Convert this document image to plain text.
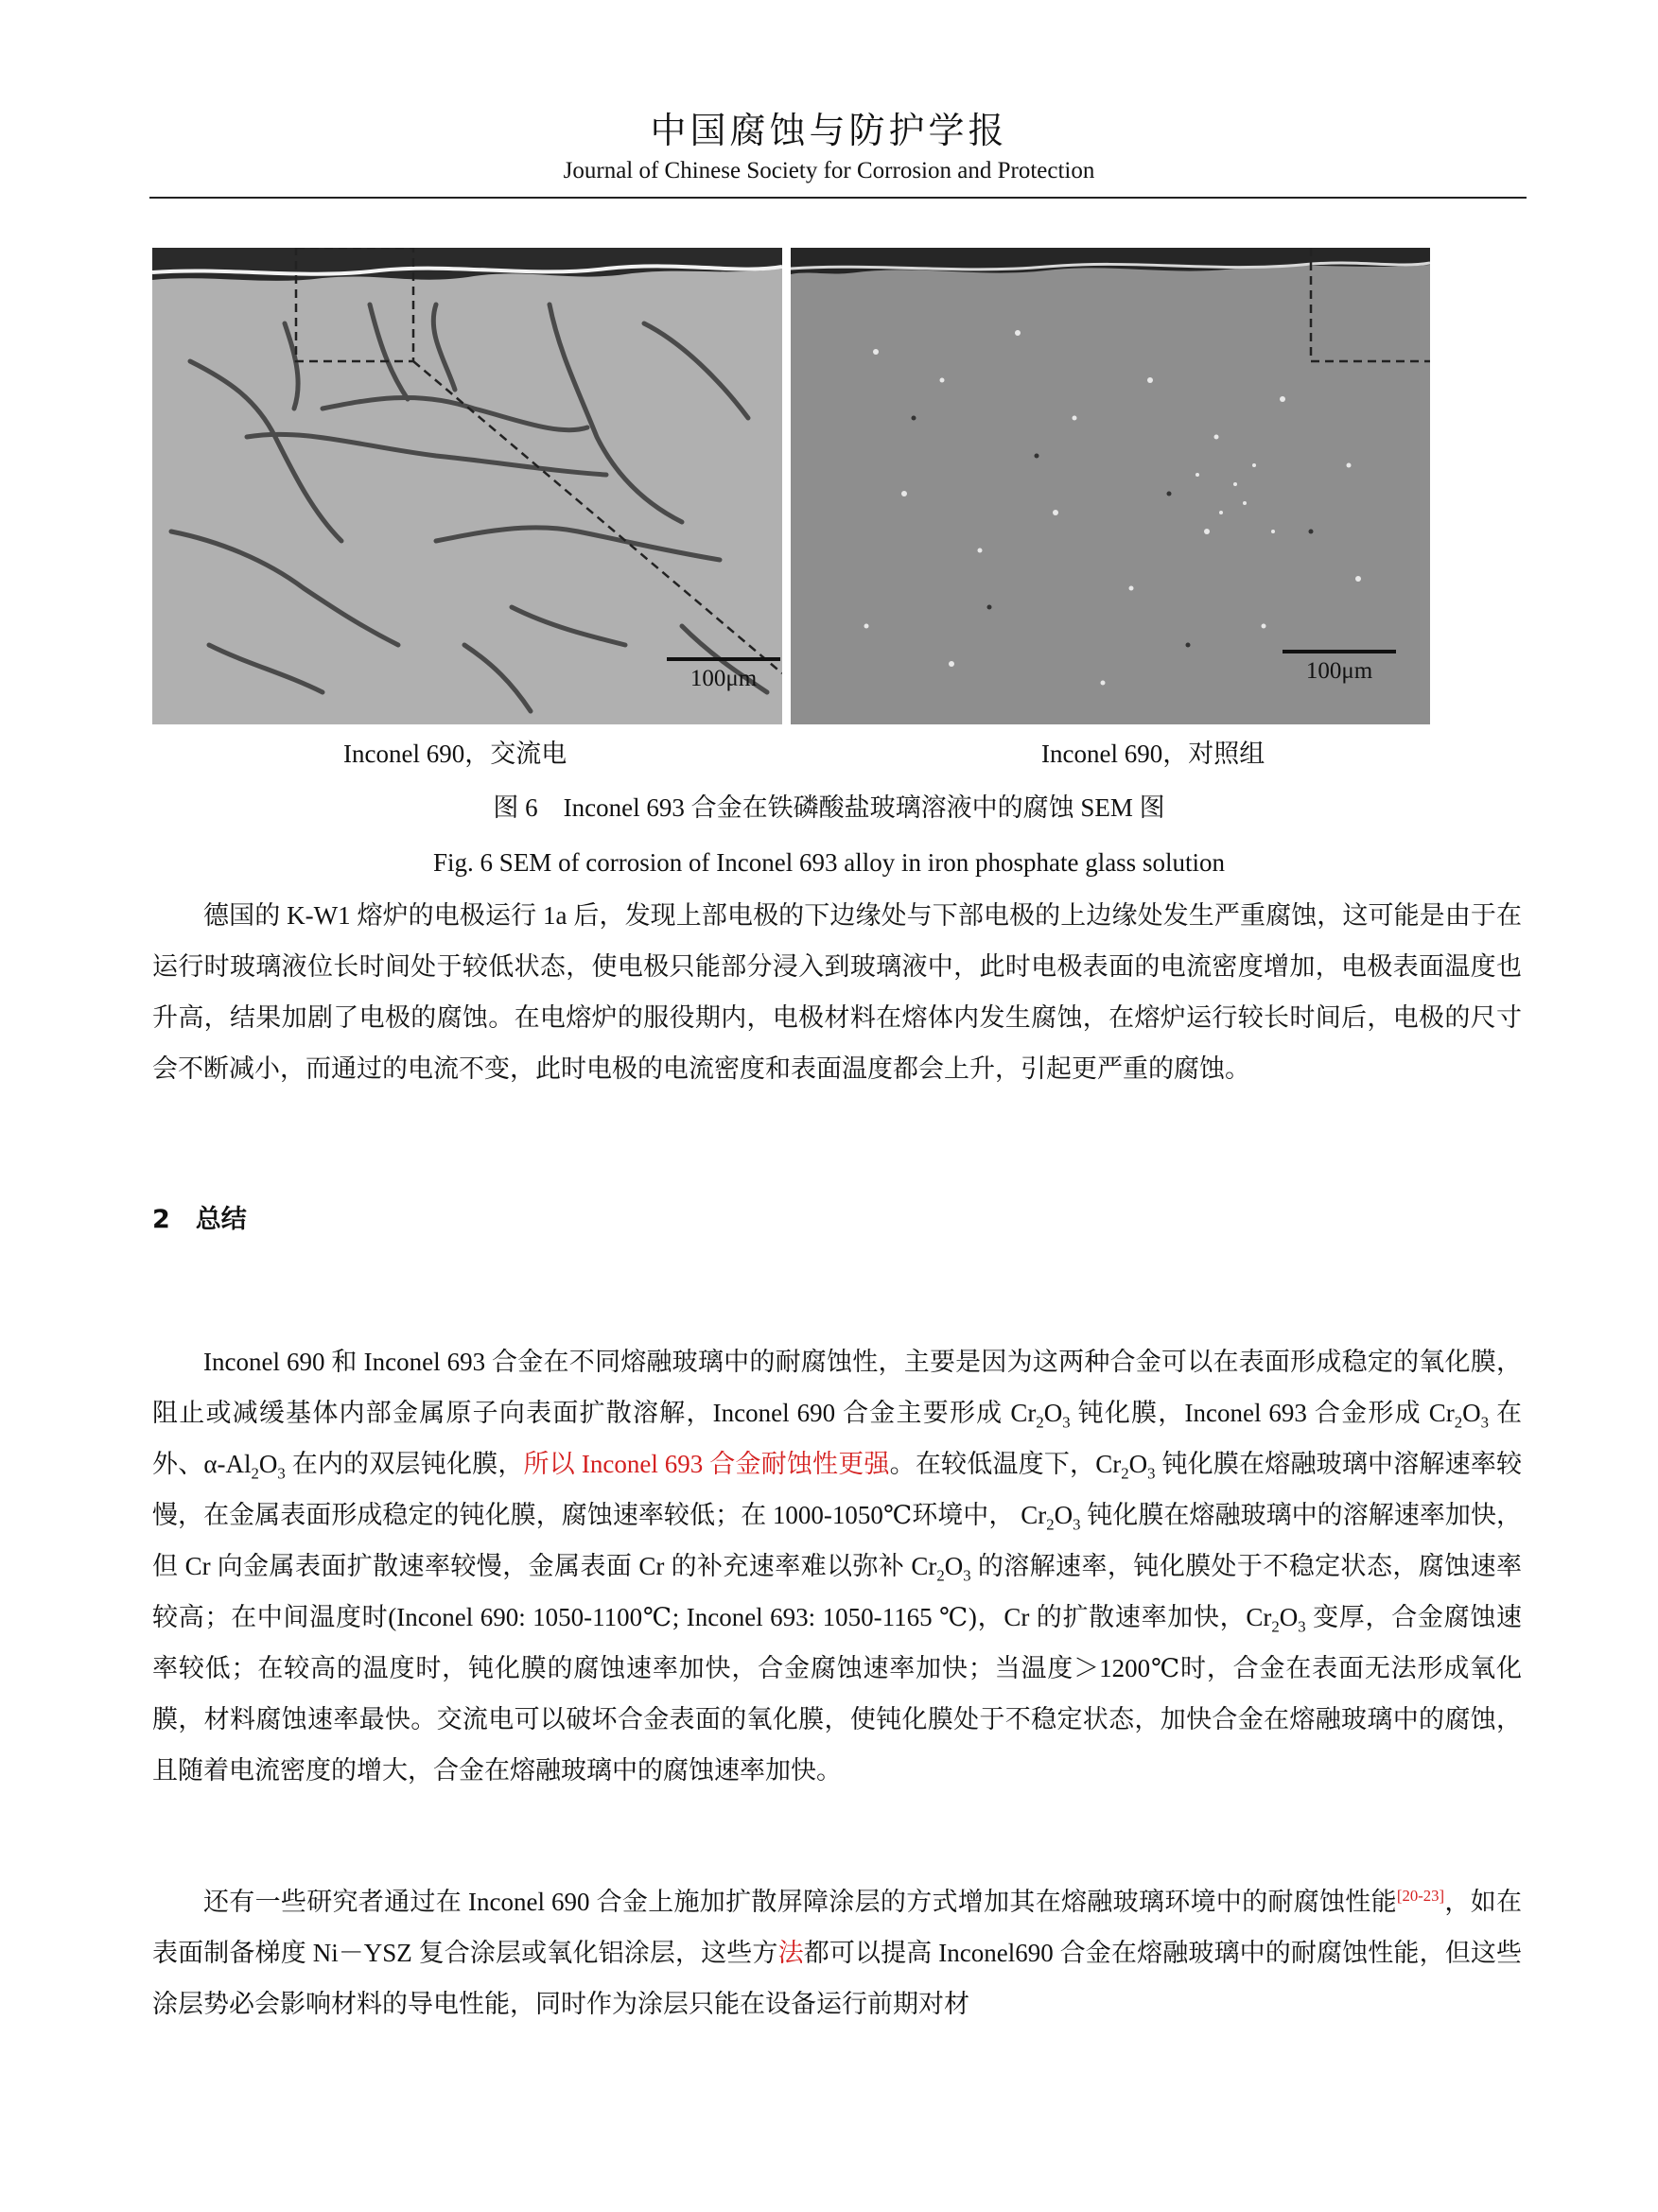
中国腐蚀与防护学报
Journal of Chinese Society for Corrosion and Protection
100μm	100μm
Inconel 690，交流电	Inconel 690，对照组
图 6　Inconel 693 合金在铁磷酸盐玻璃溶液中的腐蚀 SEM 图
Fig. 6 SEM of corrosion of Inconel 693 alloy in iron phosphate glass solution

德国的 K-W1 熔炉的电极运行 1a 后，发现上部电极的下边缘处与下部电极的上边缘处发生严重腐蚀，这可能是由于在运行时玻璃液位长时间处于较低状态，使电极只能部分浸入到玻璃液中，此时电极表面的电流密度增加，电极表面温度也升高，结果加剧了电极的腐蚀。在电熔炉的服役期内，电极材料在熔体内发生腐蚀，在熔炉运行较长时间后，电极的尺寸会不断减小，而通过的电流不变，此时电极的电流密度和表面温度都会上升，引起更严重的腐蚀。

2　总结

Inconel 690 和 Inconel 693 合金在不同熔融玻璃中的耐腐蚀性，主要是因为这两种合金可以在表面形成稳定的氧化膜，阻止或减缓基体内部金属原子向表面扩散溶解，Inconel 690 合金主要形成 $Cr_2O_3$ 钝化膜，Inconel 693 合金形成 $Cr_2O_3$ 在外、$\alpha-Al_2O_3$ 在内的双层钝化膜，所以 Inconel 693 合金耐蚀性更强。在较低温度下，$Cr_2O_3$ 钝化膜在熔融玻璃中溶解速率较慢，在金属表面形成稳定的钝化膜，腐蚀速率较低；在 1000-1050℃环境中， $Cr_2O_3$ 钝化膜在熔融玻璃中的溶解速率加快，但 Cr 向金属表面扩散速率较慢，金属表面 Cr 的补充速率难以弥补 $Cr_2O_3$ 的溶解速率，钝化膜处于不稳定状态，腐蚀速率较高；在中间温度时(Inconel 690: 1050-1100℃; Inconel 693: 1050-1165 ℃)，Cr 的扩散速率加快，$Cr_2O_3$ 变厚，合金腐蚀速率较低；在较高的温度时，钝化膜的腐蚀速率加快，合金腐蚀速率加快；当温度＞1200℃时，合金在表面无法形成氧化膜，材料腐蚀速率最快。交流电可以破坏合金表面的氧化膜，使钝化膜处于不稳定状态，加快合金在熔融玻璃中的腐蚀，且随着电流密度的增大，合金在熔融玻璃中的腐蚀速率加快。

还有一些研究者通过在 Inconel 690 合金上施加扩散屏障涂层的方式增加其在熔融玻璃环境中的耐腐蚀性能[20-23]，如在表面制备梯度 Ni－YSZ 复合涂层或氧化铝涂层，这些方法都可以提高 Inconel690 合金在熔融玻璃中的耐腐蚀性能，但这些涂层势必会影响材料的导电性能，同时作为涂层只能在设备运行前期对材
